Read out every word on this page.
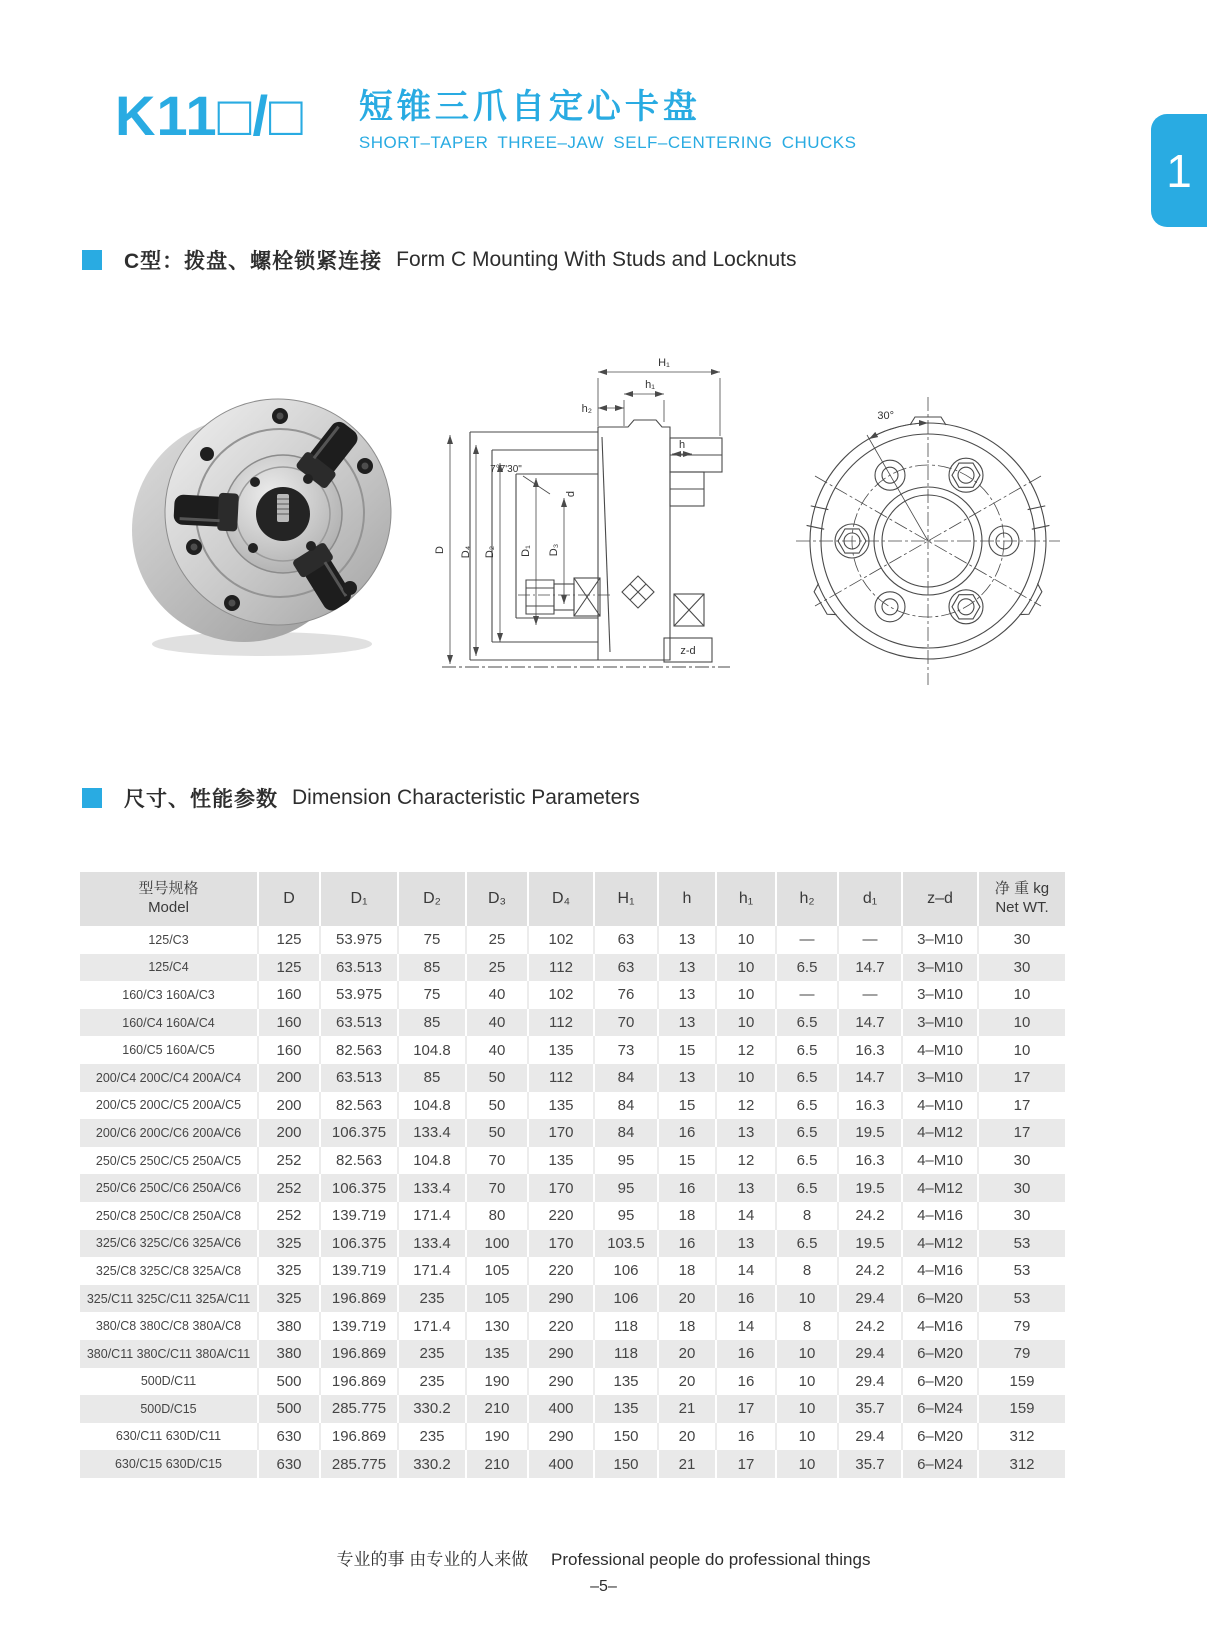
K11□/□ 短锥三爪自定心卡盘
SHORT–TAPER THREE–JAW SELF–CENTERING CHUCKS
1
C型：拨盘、螺栓锁紧连接 Form C Mounting With Studs and Locknuts
H₁
h₁
h₂
7°7'30"
d
D D₄ D₂ D₁ D₃
h
z-d
30°
尺寸、性能参数 Dimension Characteristic Parameters
型号规格
Model	D	D₁	D₂	D₃	D₄	H₁	h	h₁	h₂	d₁	z–d	净 重 kg
Net WT.
125/C3	125	53.975	75	25	102	63	13	10	—	—	3–M10	30
125/C4	125	63.513	85	25	112	63	13	10	6.5	14.7	3–M10	30
160/C3 160A/C3	160	53.975	75	40	102	76	13	10	—	—	3–M10	10
160/C4 160A/C4	160	63.513	85	40	112	70	13	10	6.5	14.7	3–M10	10
160/C5 160A/C5	160	82.563	104.8	40	135	73	15	12	6.5	16.3	4–M10	10
200/C4 200C/C4 200A/C4	200	63.513	85	50	112	84	13	10	6.5	14.7	3–M10	17
200/C5 200C/C5 200A/C5	200	82.563	104.8	50	135	84	15	12	6.5	16.3	4–M10	17
200/C6 200C/C6 200A/C6	200	106.375	133.4	50	170	84	16	13	6.5	19.5	4–M12	17
250/C5 250C/C5 250A/C5	252	82.563	104.8	70	135	95	15	12	6.5	16.3	4–M10	30
250/C6 250C/C6 250A/C6	252	106.375	133.4	70	170	95	16	13	6.5	19.5	4–M12	30
250/C8 250C/C8 250A/C8	252	139.719	171.4	80	220	95	18	14	8	24.2	4–M16	30
325/C6 325C/C6 325A/C6	325	106.375	133.4	100	170	103.5	16	13	6.5	19.5	4–M12	53
325/C8 325C/C8 325A/C8	325	139.719	171.4	105	220	106	18	14	8	24.2	4–M16	53
325/C11 325C/C11 325A/C11	325	196.869	235	105	290	106	20	16	10	29.4	6–M20	53
380/C8 380C/C8 380A/C8	380	139.719	171.4	130	220	118	18	14	8	24.2	4–M16	79
380/C11 380C/C11 380A/C11	380	196.869	235	135	290	118	20	16	10	29.4	6–M20	79
500D/C11	500	196.869	235	190	290	135	20	16	10	29.4	6–M20	159
500D/C15	500	285.775	330.2	210	400	135	21	17	10	35.7	6–M24	159
630/C11 630D/C11	630	196.869	235	190	290	150	20	16	10	29.4	6–M20	312
630/C15 630D/C15	630	285.775	330.2	210	400	150	21	17	10	35.7	6–M24	312
专业的事 由专业的人来做 Professional people do professional things
–5–
